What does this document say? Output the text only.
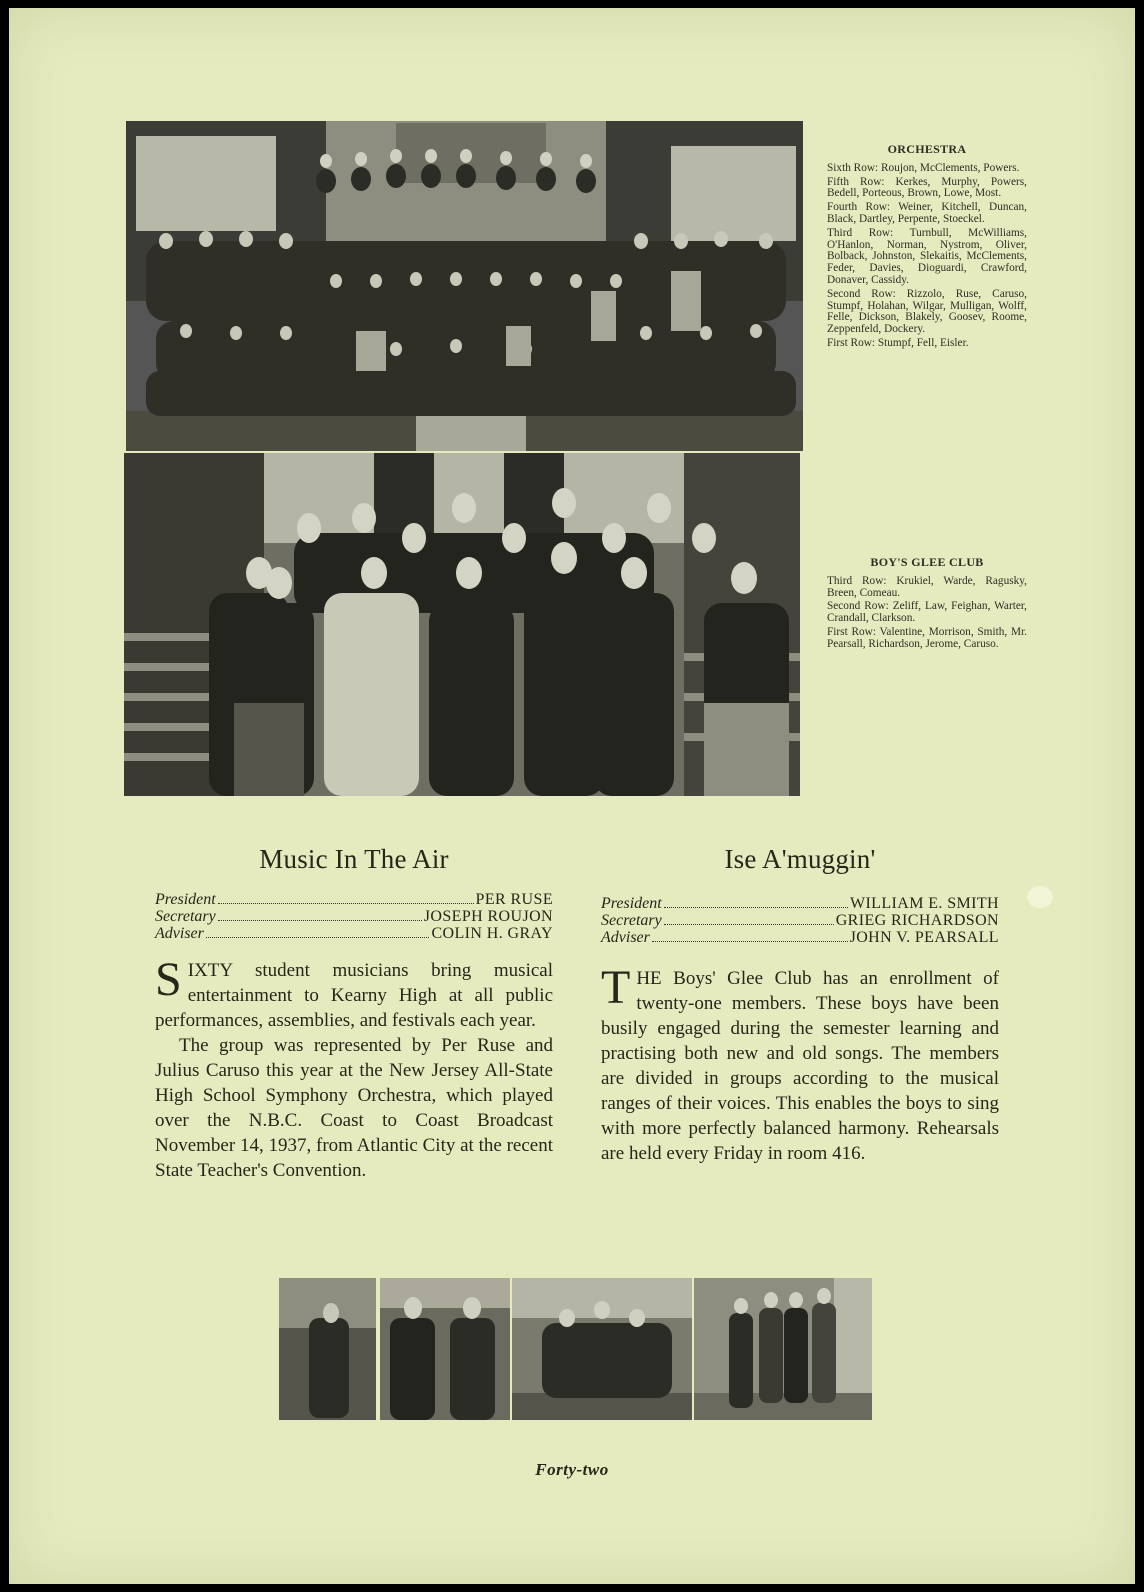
ORCHESTRA

Sixth Row: Roujon, McClements, Powers.

Fifth Row: Kerkes, Murphy, Powers, Bedell, Porteous, Brown, Lowe, Most.

Fourth Row: Weiner, Kitchell, Duncan, Black, Dartley, Perpente, Stoeckel.

Third Row: Turnbull, McWilliams, O'Hanlon, Norman, Nystrom, Oliver, Bolback, Johnston, Slekaitis, McClements, Feder, Davies, Dioguardi, Crawford, Donaver, Cassidy.

Second Row: Rizzolo, Ruse, Caruso, Stumpf, Holahan, Wilgar, Mulligan, Wolff, Felle, Dickson, Blakely, Goosev, Roome, Zeppenfeld, Dockery.

First Row: Stumpf, Fell, Eisler.

BOY'S GLEE CLUB

Third Row: Krukiel, Warde, Ragusky, Breen, Comeau.

Second Row: Zeliff, Law, Feighan, Warter, Crandall, Clarkson.

First Row: Valentine, Morrison, Smith, Mr. Pearsall, Richardson, Jerome, Caruso.

Music In The Air
President	PER RUSE
Secretary	JOSEPH ROUJON
Adviser	COLIN H. GRAY

SIXTY student musicians bring musical entertainment to Kearny High at all public performances, assemblies, and festivals each year.

The group was represented by Per Ruse and Julius Caruso this year at the New Jersey All-State High School Symphony Orchestra, which played over the N.B.C. Coast to Coast Broadcast November 14, 1937, from Atlantic City at the recent State Teacher's Convention.

Ise A'muggin'
President	WILLIAM E. SMITH
Secretary	GRIEG RICHARDSON
Adviser	JOHN V. PEARSALL

THE Boys' Glee Club has an enrollment of twenty-one members. These boys have been busily engaged during the semester learning and practising both new and old songs. The members are divided in groups according to the musical ranges of their voices. This enables the boys to sing with more perfectly balanced harmony. Rehearsals are held every Friday in room 416.

Forty-two
